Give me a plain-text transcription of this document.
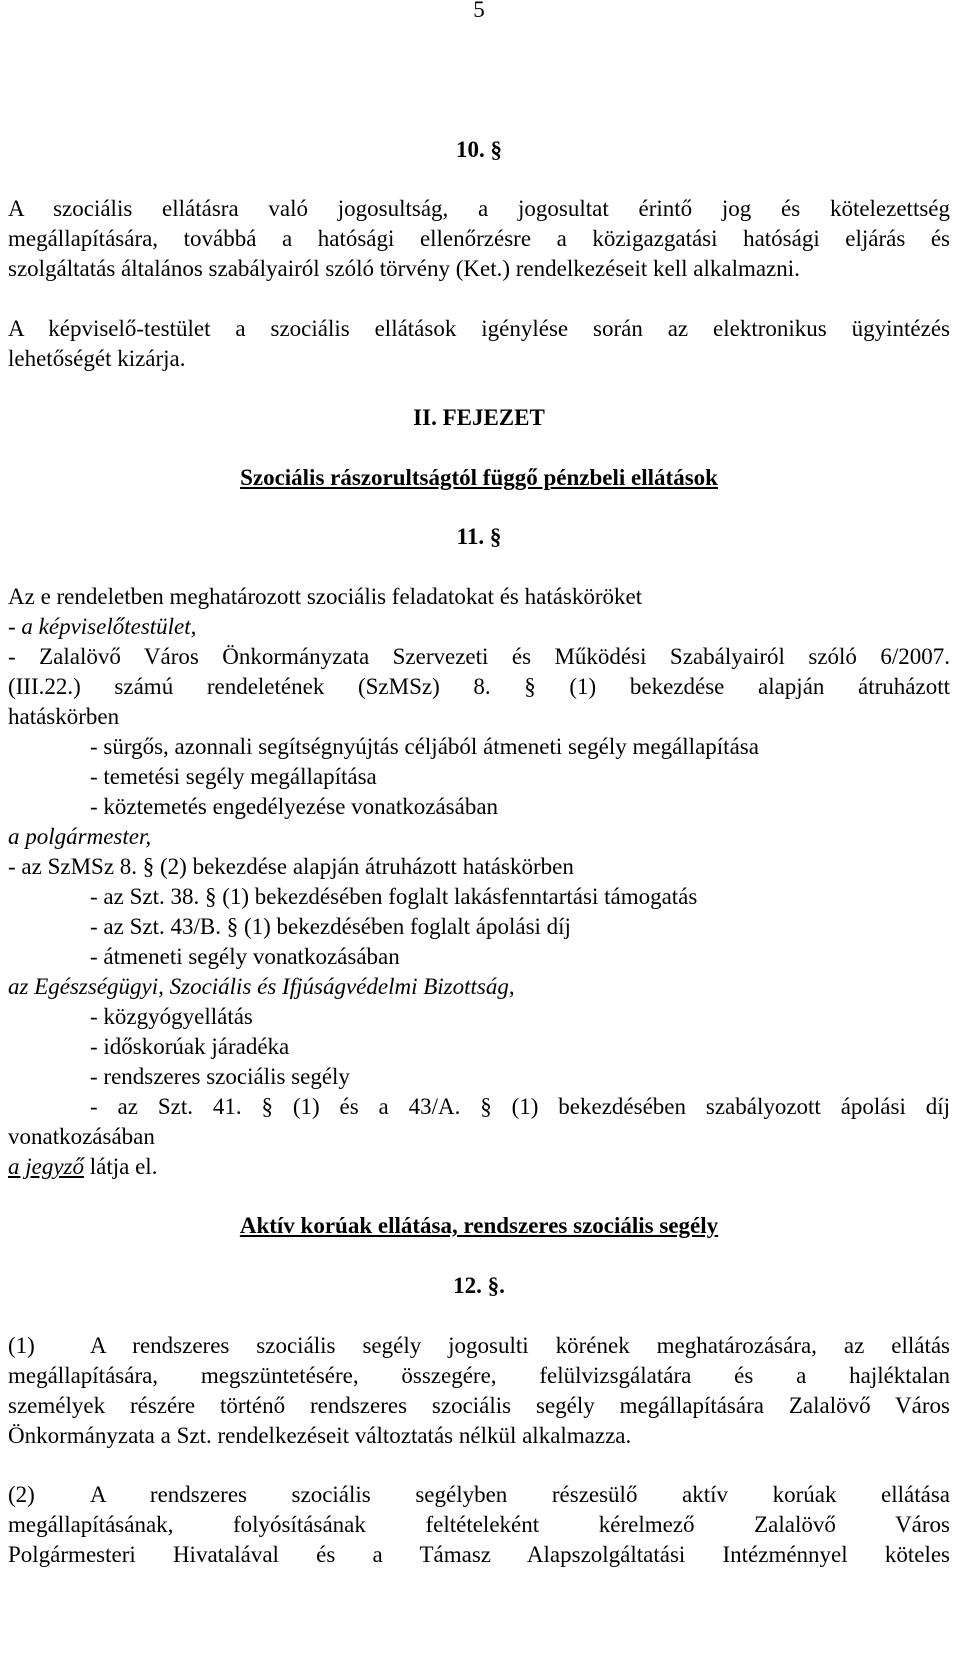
5
10. §
A szociális ellátásra való jogosultság, a jogosultat érintő jog és kötelezettség
megállapítására, továbbá a hatósági ellenőrzésre a közigazgatási hatósági eljárás és
szolgáltatás általános szabályairól szóló törvény (Ket.) rendelkezéseit kell alkalmazni.
A képviselő-testület a szociális ellátások igénylése során az elektronikus ügyintézés
lehetőségét kizárja.
II. FEJEZET
Szociális rászorultságtól függő pénzbeli ellátások
11. §
Az e rendeletben meghatározott szociális feladatokat és hatásköröket
- a képviselőtestület,
- Zalalövő Város Önkormányzata Szervezeti és Működési Szabályairól szóló 6/2007.
(III.22.) számú rendeletének (SzMSz) 8. § (1) bekezdése alapján átruházott
hatáskörben
- sürgős, azonnali segítségnyújtás céljából átmeneti segély megállapítása
- temetési segély megállapítása
- köztemetés engedélyezése vonatkozásában
a polgármester,
- az SzMSz 8. § (2) bekezdése alapján átruházott hatáskörben
- az Szt. 38. § (1) bekezdésében foglalt lakásfenntartási támogatás
- az Szt. 43/B. § (1) bekezdésében foglalt ápolási díj
- átmeneti segély vonatkozásában
az Egészségügyi, Szociális és Ifjúságvédelmi Bizottság,
- közgyógyellátás
- időskorúak járadéka
- rendszeres szociális segély
- az Szt. 41. § (1) és a 43/A. § (1) bekezdésében szabályozott ápolási díj
vonatkozásában
a jegyző látja el.
Aktív korúak ellátása, rendszeres szociális segély
12. §.
(1) A rendszeres szociális segély jogosulti körének meghatározására, az ellátás
megállapítására, megszüntetésére, összegére, felülvizsgálatára és a hajléktalan
személyek részére történő rendszeres szociális segély megállapítására Zalalövő Város
Önkormányzata a Szt. rendelkezéseit változtatás nélkül alkalmazza.
(2) A rendszeres szociális segélyben részesülő aktív korúak ellátása
megállapításának, folyósításának feltételeként kérelmező Zalalövő Város
Polgármesteri Hivatalával és a Támasz Alapszolgáltatási Intézménnyel köteles
